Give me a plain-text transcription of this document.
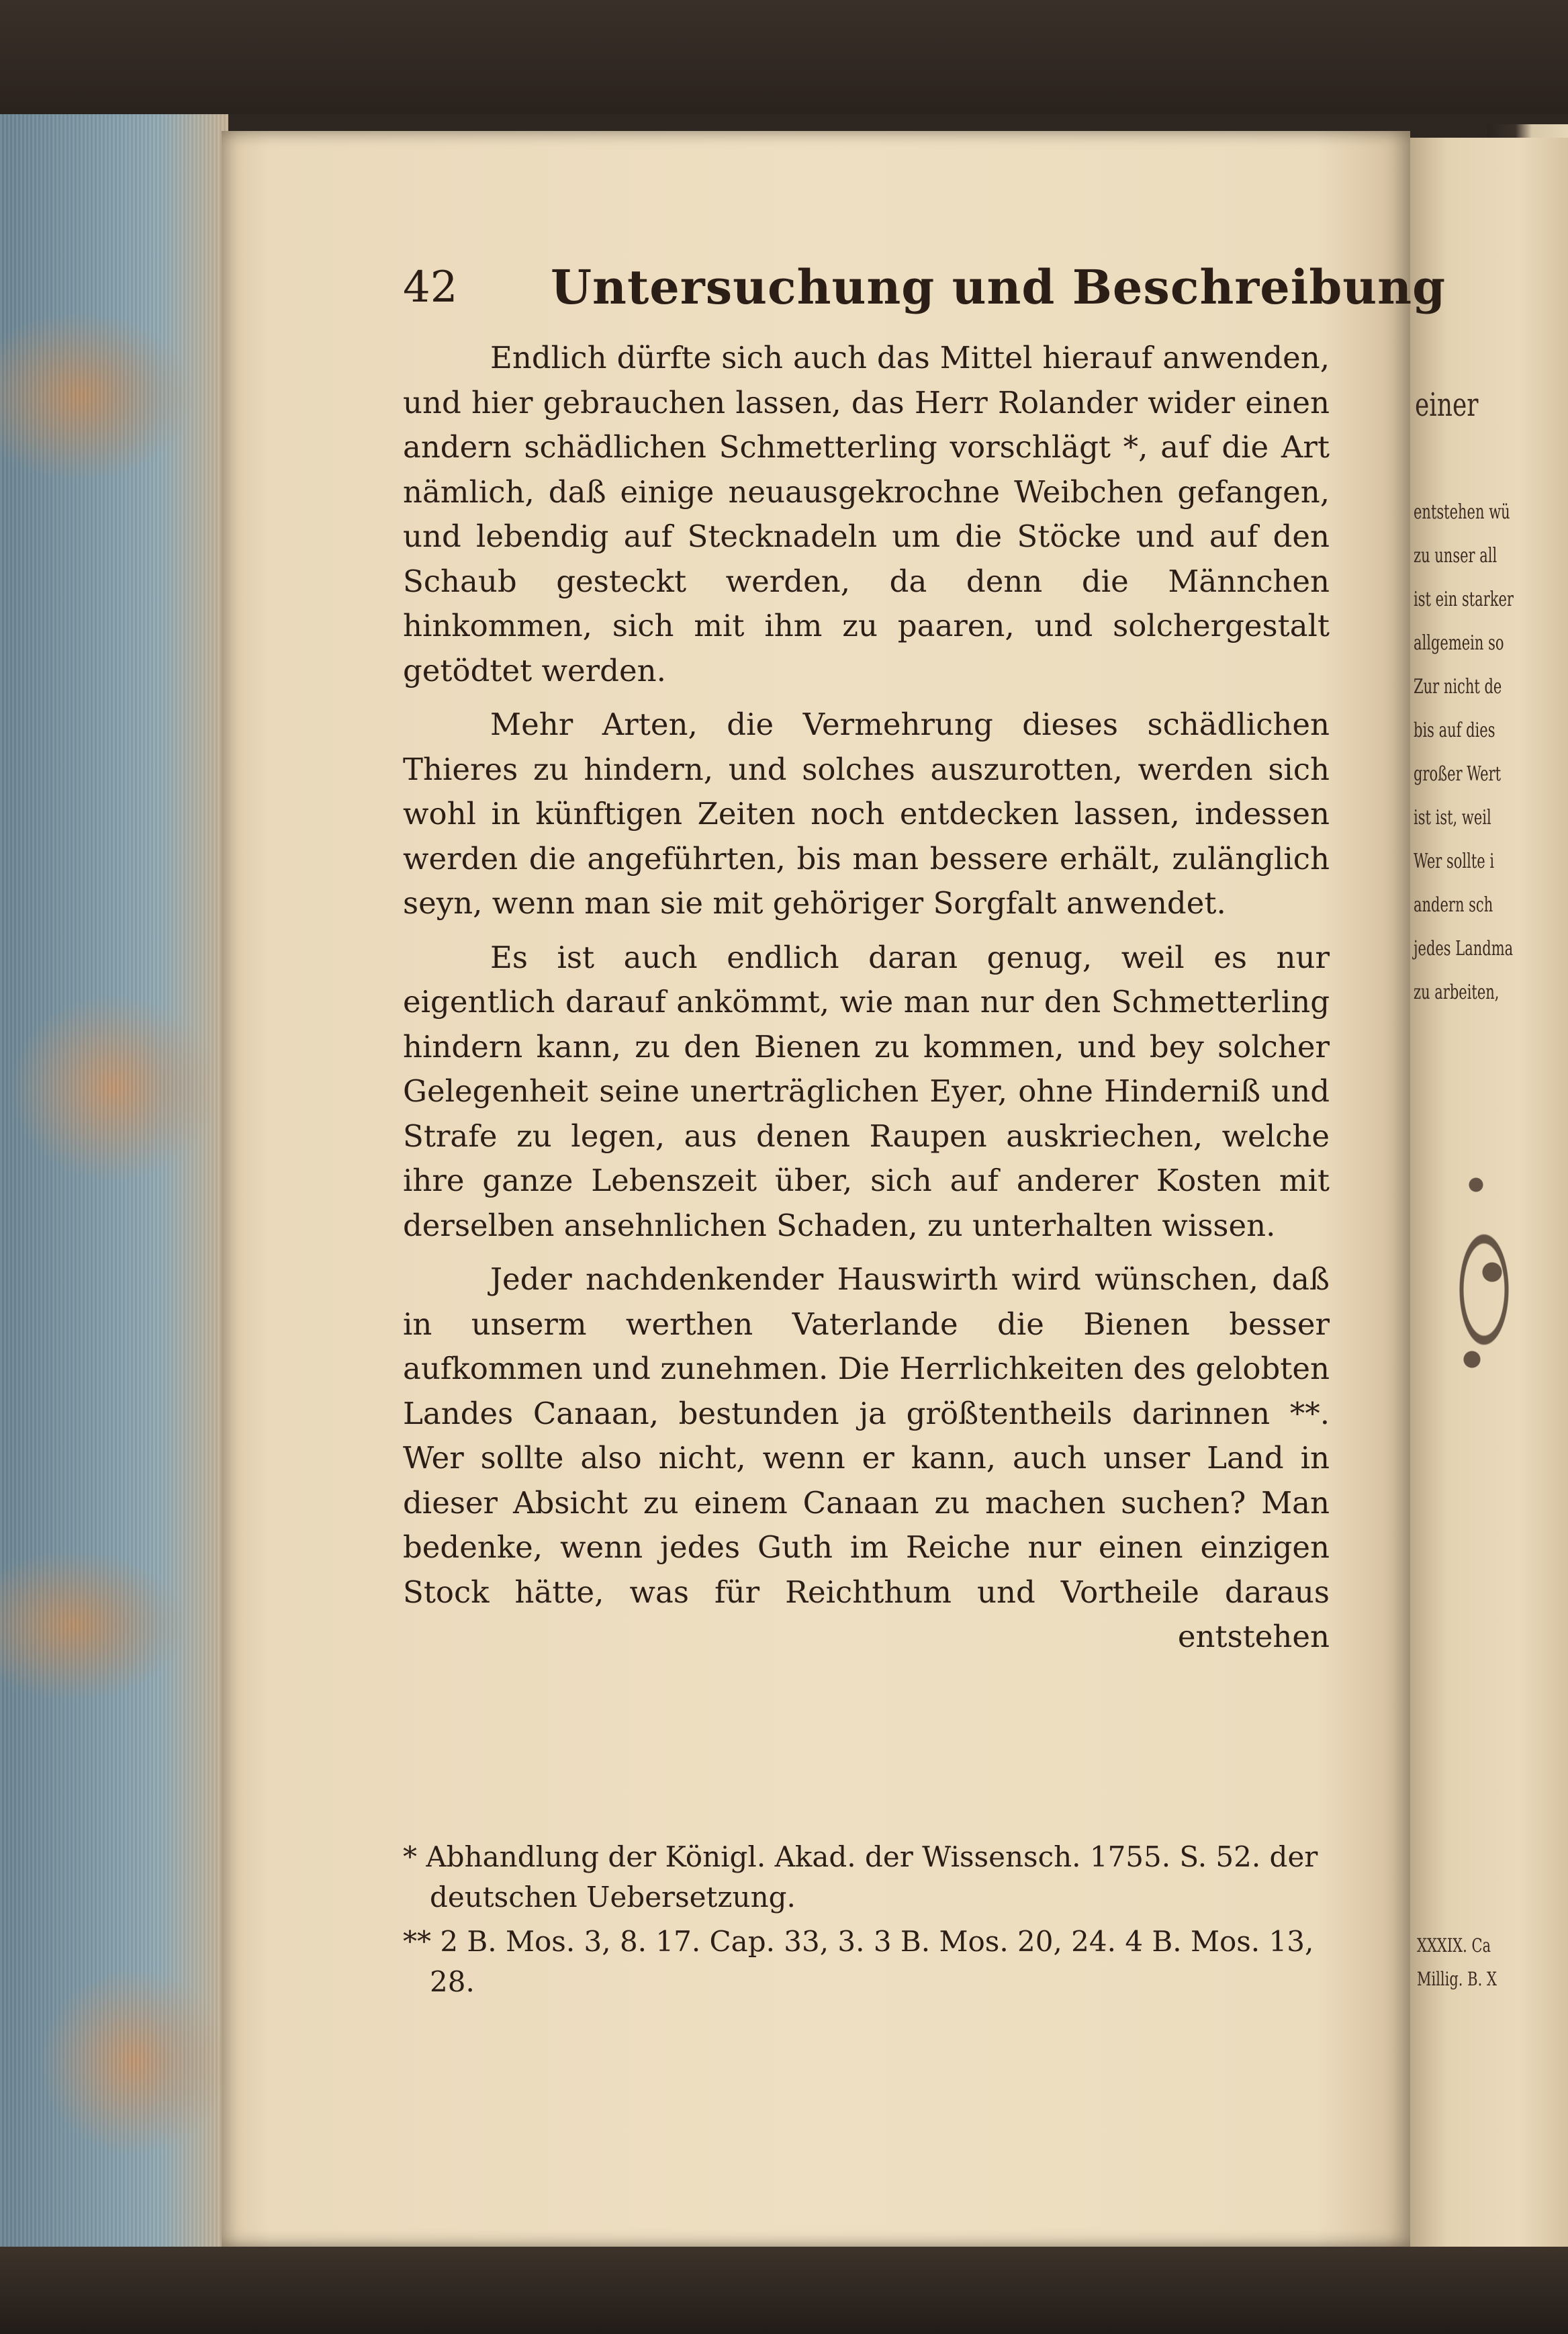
einer
entstehen wü
zu unser all
ist ein starker
allgemein so
Zur nicht de
bis auf dies
großer Wert
ist ist, weil
Wer sollte i
andern sch
jedes Landma
zu arbeiten,
XXXIX. Ca
Millig. B. X
42 Untersuchung und Beschreibung

Endlich dürfte sich auch das Mittel hierauf anwenden, und hier gebrauchen lassen, das Herr Rolander wider einen andern schädlichen Schmetterling vorschlägt *, auf die Art nämlich, daß einige neuausgekrochne Weibchen gefangen, und lebendig auf Stecknadeln um die Stöcke und auf den Schaub gesteckt werden, da denn die Männchen hinkommen, sich mit ihm zu paaren, und solchergestalt getödtet werden.

Mehr Arten, die Vermehrung dieses schädlichen Thieres zu hindern, und solches auszurotten, werden sich wohl in künftigen Zeiten noch entdecken lassen, indessen werden die angeführten, bis man bessere erhält, zulänglich seyn, wenn man sie mit gehöriger Sorgfalt anwendet.

Es ist auch endlich daran genug, weil es nur eigentlich darauf ankömmt, wie man nur den Schmetterling hindern kann, zu den Bienen zu kommen, und bey solcher Gelegenheit seine unerträglichen Eyer, ohne Hinderniß und Strafe zu legen, aus denen Raupen auskriechen, welche ihre ganze Lebenszeit über, sich auf anderer Kosten mit derselben ansehnlichen Schaden, zu unterhalten wissen.

Jeder nachdenkender Hauswirth wird wünschen, daß in unserm werthen Vaterlande die Bienen besser aufkommen und zunehmen. Die Herrlichkeiten des gelobten Landes Canaan, bestunden ja größtentheils darinnen **. Wer sollte also nicht, wenn er kann, auch unser Land in dieser Absicht zu einem Canaan zu machen suchen? Man bedenke, wenn jedes Guth im Reiche nur einen einzigen Stock hätte, was für Reichthum und Vortheile daraus entstehen

* Abhandlung der Königl. Akad. der Wissensch. 1755. S. 52. der deutschen Uebersetzung.

** 2 B. Mos. 3, 8. 17. Cap. 33, 3. 3 B. Mos. 20, 24. 4 B. Mos. 13, 28.
